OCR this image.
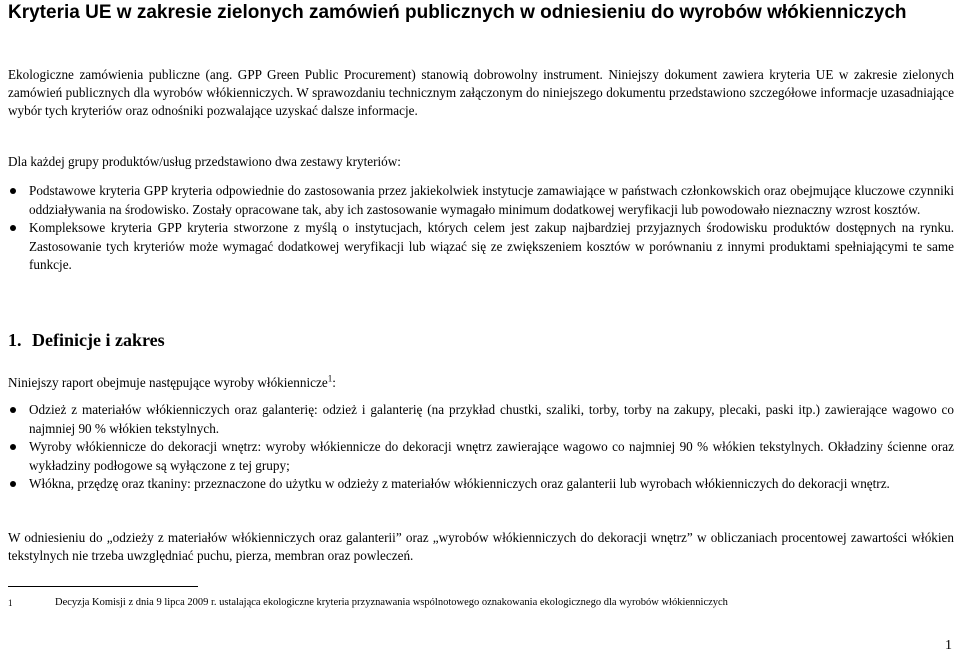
Kryteria UE w zakresie zielonych zamówień publicznych w odniesieniu do wyrobów włókienniczych

Ekologiczne zamówienia publiczne (ang. GPP Green Public Procurement) stanowią dobrowolny instrument. Niniejszy dokument zawiera kryteria UE w zakresie zielonych zamówień publicznych dla wyrobów włókienniczych. W sprawozdaniu technicznym załączonym do niniejszego dokumentu przedstawiono szczegółowe informacje uzasadniające wybór tych kryteriów oraz odnośniki pozwalające uzyskać dalsze informacje.

Dla każdej grupy produktów/usług przedstawiono dwa zestawy kryteriów:

Podstawowe kryteria GPP kryteria odpowiednie do zastosowania przez jakiekolwiek instytucje zamawiające w państwach członkowskich oraz obejmujące kluczowe czynniki oddziaływania na środowisko. Zostały opracowane tak, aby ich zastosowanie wymagało minimum dodatkowej weryfikacji lub powodowało nieznaczny wzrost kosztów.
Kompleksowe kryteria GPP kryteria stworzone z myślą o instytucjach, których celem jest zakup najbardziej przyjaznych środowisku produktów dostępnych na rynku. Zastosowanie tych kryteriów może wymagać dodatkowej weryfikacji lub wiązać się ze zwiększeniem kosztów w porównaniu z innymi produktami spełniającymi te same funkcje.
1. Definicje i zakres

Niniejszy raport obejmuje następujące wyroby włókiennicze$^1$:

Odzież z materiałów włókienniczych oraz galanterię: odzież i galanterię (na przykład chustki, szaliki, torby, torby na zakupy, plecaki, paski itp.) zawierające wagowo co najmniej 90 % włókien tekstylnych.
Wyroby włókiennicze do dekoracji wnętrz: wyroby włókiennicze do dekoracji wnętrz zawierające wagowo co najmniej 90 % włókien tekstylnych. Okładziny ścienne oraz wykładziny podłogowe są wyłączone z tej grupy;
Włókna, przędzę oraz tkaniny: przeznaczone do użytku w odzieży z materiałów włókienniczych oraz galanterii lub wyrobach włókienniczych do dekoracji wnętrz.

W odniesieniu do „odzieży z materiałów włókienniczych oraz galanterii” oraz „wyrobów włókienniczych do dekoracji wnętrz” w obliczaniach procentowej zawartości włókien tekstylnych nie trzeba uwzględniać puchu, pierza, membran oraz powleczeń.

1	Decyzja Komisji z dnia 9 lipca 2009 r. ustalająca ekologiczne kryteria przyznawania wspólnotowego oznakowania ekologicznego dla wyrobów włókienniczych
1
